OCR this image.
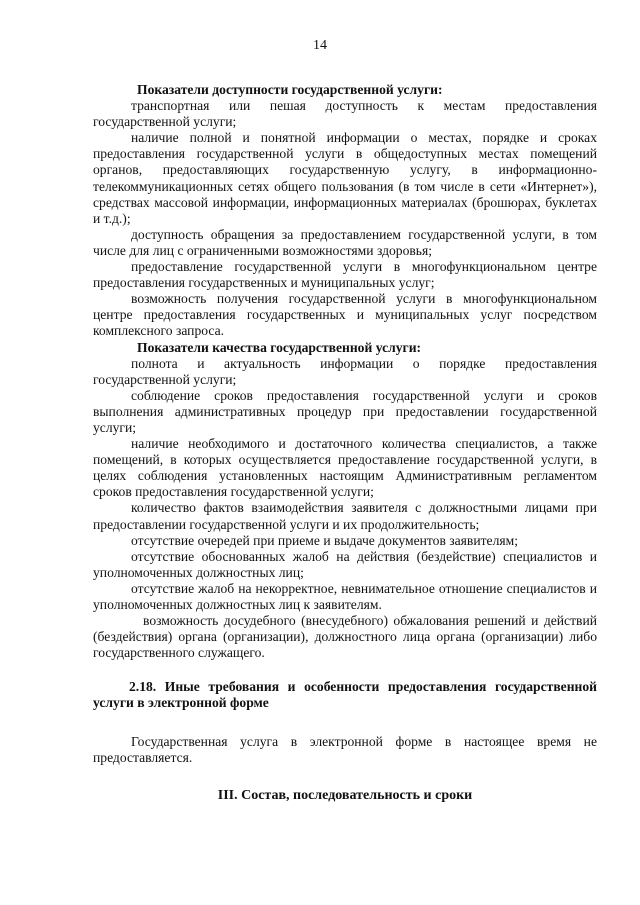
14

Показатели доступности государственной услуги:

транспортная или пешая доступность к местам предоставления государственной услуги;

наличие полной и понятной информации о местах, порядке и сроках предоставления государственной услуги в общедоступных местах помещений органов, предоставляющих государственную услугу, в информационно-телекоммуникационных сетях общего пользования (в том числе в сети «Интернет»), средствах массовой информации, информационных материалах (брошюрах, буклетах и т.д.);

доступность обращения за предоставлением государственной услуги, в том числе для лиц с ограниченными возможностями здоровья;

предоставление государственной услуги в многофункциональном центре предоставления государственных и муниципальных услуг;

возможность получения государственной услуги в многофункциональном центре предоставления государственных и муниципальных услуг посредством комплексного запроса.

Показатели качества государственной услуги:

полнота и актуальность информации о порядке предоставления государственной услуги;

соблюдение сроков предоставления государственной услуги и сроков выполнения административных процедур при предоставлении государственной услуги;

наличие необходимого и достаточного количества специалистов, а также помещений, в которых осуществляется предоставление государственной услуги, в целях соблюдения установленных настоящим Административным регламентом сроков предоставления государственной услуги;

количество фактов взаимодействия заявителя с должностными лицами при предоставлении государственной услуги и их продолжительность;

отсутствие очередей при приеме и выдаче документов заявителям;

отсутствие обоснованных жалоб на действия (бездействие) специалистов и уполномоченных должностных лиц;

отсутствие жалоб на некорректное, невнимательное отношение специалистов и уполномоченных должностных лиц к заявителям.

возможность досудебного (внесудебного) обжалования решений и действий (бездействия) органа (организации), должностного лица органа (организации) либо государственного служащего.

2.18. Иные требования и особенности предоставления государственной услуги в электронной форме

Государственная услуга в электронной форме в настоящее время не предоставляется.

III. Состав, последовательность и сроки
